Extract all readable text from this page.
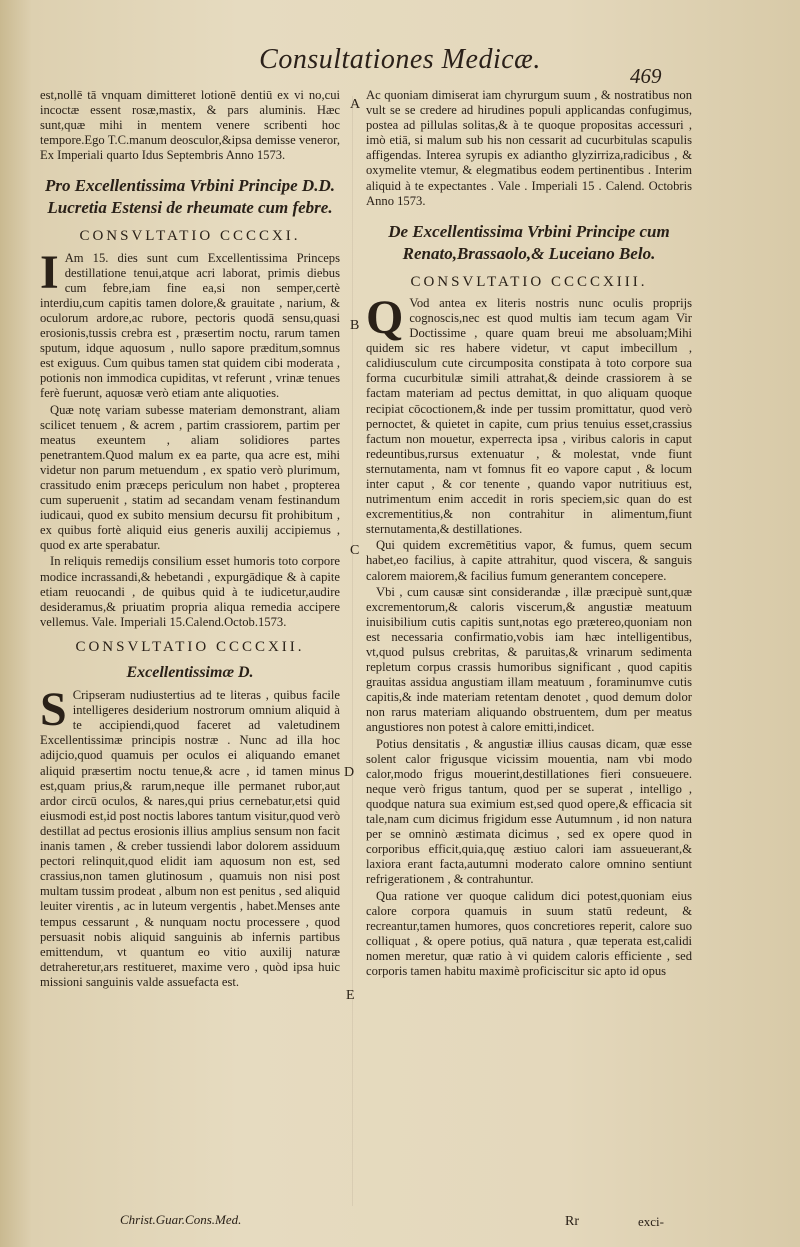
Consultationes Medicæ.
469

est,nollē tā vnquam dimitteret lotionē dentiū ex vi no,cui incoctæ essent rosæ,mastix, & pars aluminis. Hæc sunt,quæ mihi in mentem venere scribenti hoc tempore.Ego T.C.manum deosculor,&ipsa demisse veneror, Ex Imperiali quarto Idus Septembris Anno 1573.

Pro Excellentissima Vrbini Principe D.D. Lucretia Estensi de rheumate cum febre.
CONSVLTATIO CCCCXI.

I Am 15. dies sunt cum Excellentissima Princeps destillatione tenui,atque acri laborat, primis diebus cum febre,iam fine ea,si non semper,certè interdiu,cum capitis tamen dolore,& grauitate , narium, & oculorum ardore,ac rubore, pectoris quodā sensu,quasi erosionis,tussis crebra est , præsertim noctu, rarum tamen sputum, idque aquosum , nullo sapore præditum,somnus est exiguus. Cum quibus tamen stat quidem cibi moderata , potionis non immodica cupiditas, vt referunt , vrinæ tenues ferè fuerunt, aquosæ verò etiam ante aliquoties.

Quæ notę variam subesse materiam demonstrant, aliam scilicet tenuem , & acrem , partim crassiorem, partim per meatus exeuntem , aliam solidiores partes penetrantem.Quod malum ex ea parte, qua acre est, mihi videtur non parum metuendum , ex spatio verò plurimum, crassitudo enim præceps periculum non habet , propterea cum superuenit , statim ad secandam venam festinandum iudicaui, quod ex subito mensium decursu fit prohibitum , ex quibus fortè aliquid eius generis auxilij accipiemus , quod ex arte sperabatur.

In reliquis remedijs consilium esset humoris toto corpore modice incrassandi,& hebetandi , expurgādique & à capite etiam reuocandi , de quibus quid à te iudicetur,audire desideramus,& priuatim propria aliqua remedia accipere vellemus. Vale. Imperiali 15.Calend.Octob.1573.

CONSVLTATIO CCCCXII.
Excellentissimæ D.

S Cripseram nudiustertius ad te literas , quibus facile intelligeres desiderium nostrorum omnium aliquid à te accipiendi,quod faceret ad valetudinem Excellentissimæ principis nostræ . Nunc ad illa hoc adijcio,quod quamuis per oculos ei aliquando emanet aliquid præsertim noctu tenue,& acre , id tamen minus est,quam prius,& rarum,neque ille permanet rubor,aut ardor circū oculos, & nares,qui prius cernebatur,etsi quid eiusmodi est,id post noctis labores tantum visitur,quod verò destillat ad pectus erosionis illius amplius sensum non facit inanis tamen , & creber tussiendi labor dolorem assiduum pectori relinquit,quod elidit iam aquosum non est, sed crassius,non tamen glutinosum , quamuis non nisi post multam tussim prodeat , album non est penitus , sed aliquid leuiter virentis , ac in luteum vergentis , habet.Menses ante tempus cessarunt , & nunquam noctu processere , quod persuasit nobis aliquid sanguinis ab infernis partibus emittendum, vt quantum eo vitio auxilij naturæ detraheretur,ars restitueret, maxime vero , quòd ipsa huic missioni sanguinis valde assuefacta est.

Ac quoniam dimiserat iam chyrurgum suum , & nostratibus non vult se se credere ad hirudines populi applicandas confugimus, postea ad pillulas solitas,& à te quoque propositas accessuri , imò etiā, si malum sub his non cessarit ad cucurbitulas scapulis affigendas. Interea syrupis ex adiantho glyzirriza,radicibus , & oxymelite vtemur, & elegmatibus eodem pertinentibus . Interim aliquid à te expectantes . Vale . Imperiali 15 . Calend. Octobris Anno 1573.

De Excellentissima Vrbini Principe cum Renato,Brassaolo,& Luceiano Belo.
CONSVLTATIO CCCCXIII.

Q Vod antea ex literis nostris nunc oculis proprijs cognoscis,nec est quod multis iam tecum agam Vir Doctissime , quare quam breui me absoluam;Mihi quidem sic res habere videtur, vt caput imbecillum , calidiusculum cute circumposita constipata à toto corpore sua forma cucurbitulæ simili attrahat,& deinde crassiorem à se factam materiam ad pectus demittat, in quo aliquam quoque recipiat cōcoctionem,& inde per tussim promittatur, quod verò pernoctet, & quietet in capite, cum prius tenuius esset,crassius factum non mouetur, experrecta ipsa , viribus caloris in caput redeuntibus,rursus extenuatur , & molestat, vnde fiunt sternutamenta, nam vt fomnus fit eo vapore caput , & locum inter caput , & cor tenente , quando vapor nutritiuus est, nutrimentum enim accedit in roris speciem,sic quan do est excrementitius,& non contrahitur in alimentum,fiunt sternutamenta,& destillationes.

Qui quidem excremētitius vapor, & fumus, quem secum habet,eo facilius, à capite attrahitur, quod viscera, & sanguis calorem maiorem,& facilius fumum generantem concepere.

Vbi , cum causæ sint considerandæ , illæ præcipuè sunt,quæ excrementorum,& caloris viscerum,& angustiæ meatuum inuisibilium cutis capitis sunt,notas ego prætereo,quoniam non est necessaria confirmatio,vobis iam hæc intelligentibus, vt,quod pulsus crebritas, & paruitas,& vrinarum sedimenta repletum corpus crassis humoribus significant , quod capitis grauitas assidua angustiam illam meatuum , foraminumve cutis capitis,& inde materiam retentam denotet , quod demum dolor non rarus materiam aliquando obstruentem, dum per meatus angustiores non potest à calore emitti,indicet.

Potius densitatis , & angustiæ illius causas dicam, quæ esse solent calor frigusque vicissim mouentia, nam vbi modo calor,modo frigus mouerint,destillationes fieri consueuere. neque verò frigus tantum, quod per se superat , intelligo , quodque natura sua eximium est,sed quod opere,& efficacia sit tale,nam cum dicimus frigidum esse Autumnum , id non natura per se omninò æstimata dicimus , sed ex opere quod in corporibus efficit,quia,quę æstiuo calori iam assueuerant,& laxiora erant facta,autumni moderato calore omnino sentiunt refrigerationem , & contrahuntur.

Qua ratione ver quoque calidum dici potest,quoniam eius calore corpora quamuis in suum statū redeunt, & recreantur,tamen humores, quos concretiores reperit, calore suo colliquat , & opere potius, quā natura , quæ teperata est,calidi nomen meretur, quæ ratio à vi quidem caloris efficiente , sed corporis tamen habitu maximè proficiscitur sic apto id opus

A
B
C
D
E
Christ.Guar.Cons.Med.	Rr	exci-
